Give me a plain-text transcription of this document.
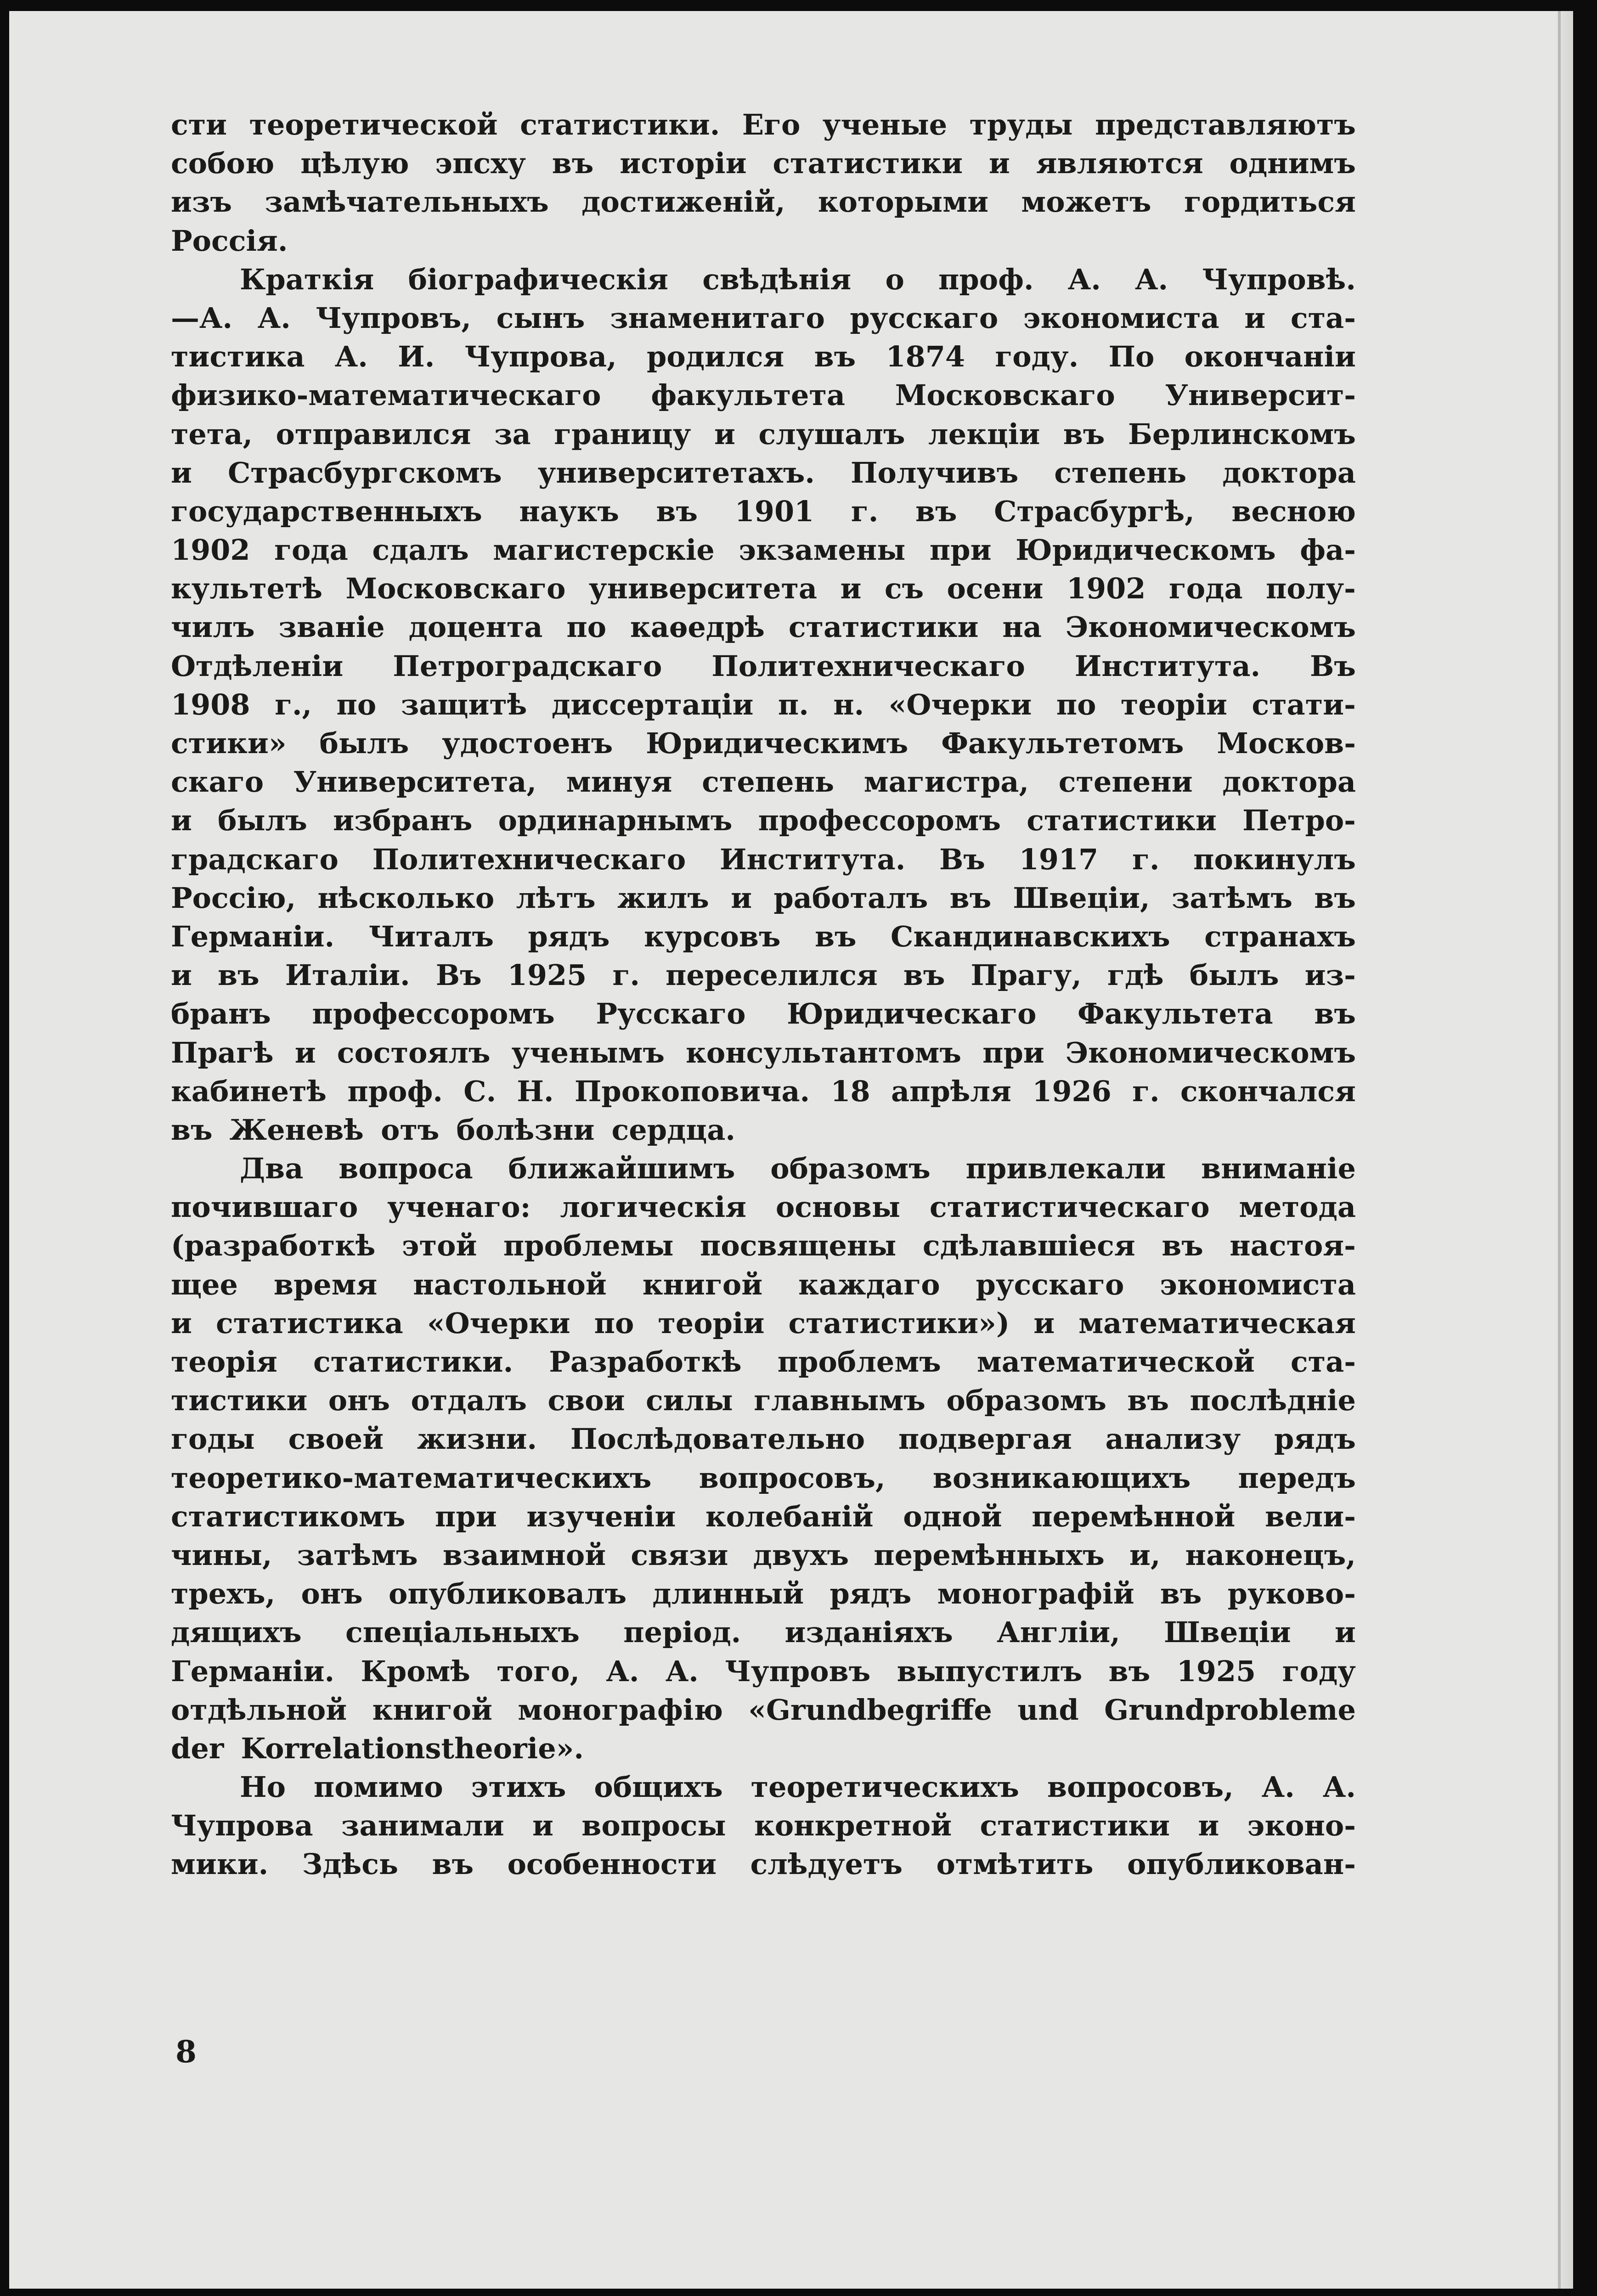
сти теоретической статистики. Его ученые труды представляютъ
собою цѣлую эпсху въ исторіи статистики и являются однимъ
изъ замѣчательныхъ достиженій, которыми можетъ гордиться
Россія.
Краткія біографическія свѣдѣнія о проф. А. А. Чупровѣ.
—А. А. Чупровъ, сынъ знаменитаго русскаго экономиста и ста-
тистика А. И. Чупрова, родился въ 1874 году. По окончаніи
физико-математическаго факультета Московскаго Университ-
тета, отправился за границу и слушалъ лекціи въ Берлинскомъ
и Страсбургскомъ университетахъ. Получивъ степень доктора
государственныхъ наукъ въ 1901 г. въ Страсбургѣ, весною
1902 года сдалъ магистерскіе экзамены при Юридическомъ фа-
культетѣ Московскаго университета и съ осени 1902 года полу-
чилъ званіе доцента по каѳедрѣ статистики на Экономическомъ
Отдѣленіи Петроградскаго Политехническаго Института. Въ
1908 г., по защитѣ диссертаціи п. н. «Очерки по теоріи стати-
стики» былъ удостоенъ Юридическимъ Факультетомъ Москов-
скаго Университета, минуя степень магистра, степени доктора
и былъ избранъ ординарнымъ профессоромъ статистики Петро-
градскаго Политехническаго Института. Въ 1917 г. покинулъ
Россію, нѣсколько лѣтъ жилъ и работалъ въ Швеціи, затѣмъ въ
Германіи. Читалъ рядъ курсовъ въ Скандинавскихъ странахъ
и въ Италіи. Въ 1925 г. переселился въ Прагу, гдѣ былъ из-
бранъ профессоромъ Русскаго Юридическаго Факультета въ
Прагѣ и состоялъ ученымъ консультантомъ при Экономическомъ
кабинетѣ проф. С. Н. Прокоповича. 18 апрѣля 1926 г. скончался
въ Женевѣ отъ болѣзни сердца.
Два вопроса ближайшимъ образомъ привлекали вниманіе
почившаго ученаго: логическія основы статистическаго метода
(разработкѣ этой проблемы посвящены сдѣлавшіеся въ настоя-
щее время настольной книгой каждаго русскаго экономиста
и статистика «Очерки по теоріи статистики») и математическая
теорія статистики. Разработкѣ проблемъ математической ста-
тистики онъ отдалъ свои силы главнымъ образомъ въ послѣдніе
годы своей жизни. Послѣдовательно подвергая анализу рядъ
теоретико-математическихъ вопросовъ, возникающихъ передъ
статистикомъ при изученіи колебаній одной перемѣнной вели-
чины, затѣмъ взаимной связи двухъ перемѣнныхъ и, наконецъ,
трехъ, онъ опубликовалъ длинный рядъ монографій въ руково-
дящихъ спеціальныхъ період. изданіяхъ Англіи, Швеціи и
Германіи. Кромѣ того, А. А. Чупровъ выпустилъ въ 1925 году
отдѣльной книгой монографію «Grundbegriffe und Grundprobleme
der Korrelationstheorie».
Но помимо этихъ общихъ теоретическихъ вопросовъ, А. А.
Чупрова занимали и вопросы конкретной статистики и эконо-
мики. Здѣсь въ особенности слѣдуетъ отмѣтить опубликован-
8
